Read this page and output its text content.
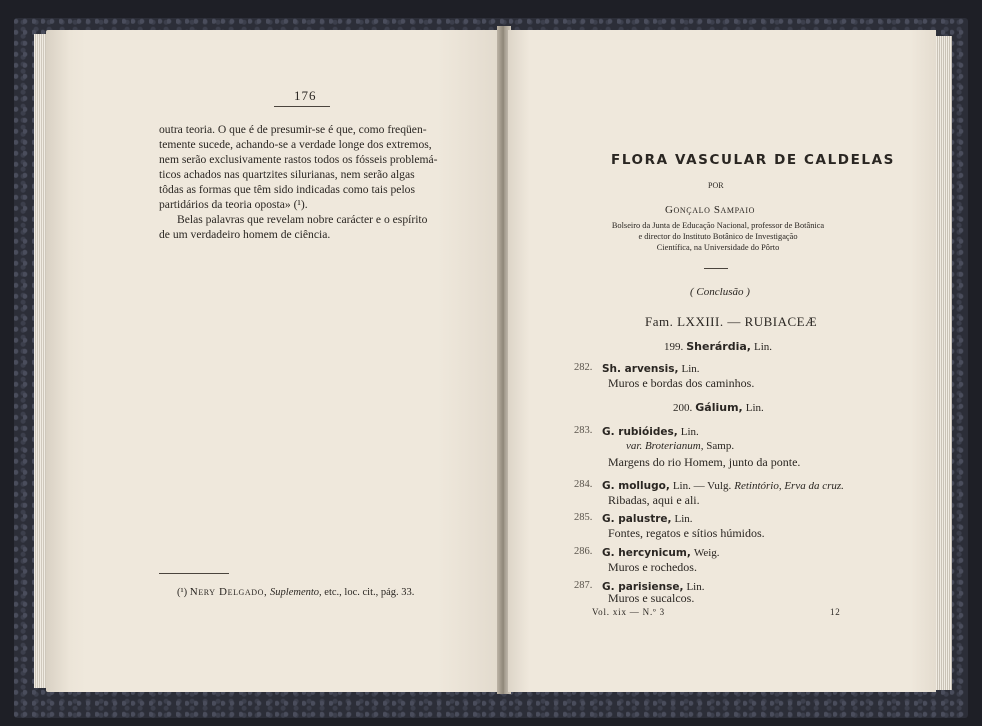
176
outra teoria. O que é de presumir-se é que, como freqüen-
temente sucede, achando-se a verdade longe dos extremos,
nem serão exclusivamente rastos todos os fósseis problemá-
ticos achados nas quartzites silurianas, nem serão algas
tôdas as formas que têm sido indicadas como tais pelos
partidários da teoria oposta» (¹).
Belas palavras que revelam nobre carácter e o espírito
de um verdadeiro homem de ciência.
(¹) Nery Delgado, Suplemento, etc., loc. cit., pág. 33.
FLORA VASCULAR DE CALDELAS
POR
Gonçalo Sampaio
Bolseiro da Junta de Educação Nacional, professor de Botânica
e director do Instituto Botânico de Investigação
Científica, na Universidade do Pôrto
( Conclusão )
Fam. LXXIII. — RUBIACEÆ
199. Sherárdia, Lin.
282. Sh. arvensis, Lin.
Muros e bordas dos caminhos.
200. Gálium, Lin.
283. G. rubióides, Lin.
var. Broterianum, Samp.
Margens do rio Homem, junto da ponte.
284. G. mollugo, Lin. — Vulg. Retintório, Erva da cruz.
Ribadas, aqui e ali.
285. G. palustre, Lin.
Fontes, regatos e sítios húmidos.
286. G. hercynicum, Weig.
Muros e rochedos.
287. G. parisiense, Lin.
Muros e sucalcos.
Vol. xix — N.º 3	12
